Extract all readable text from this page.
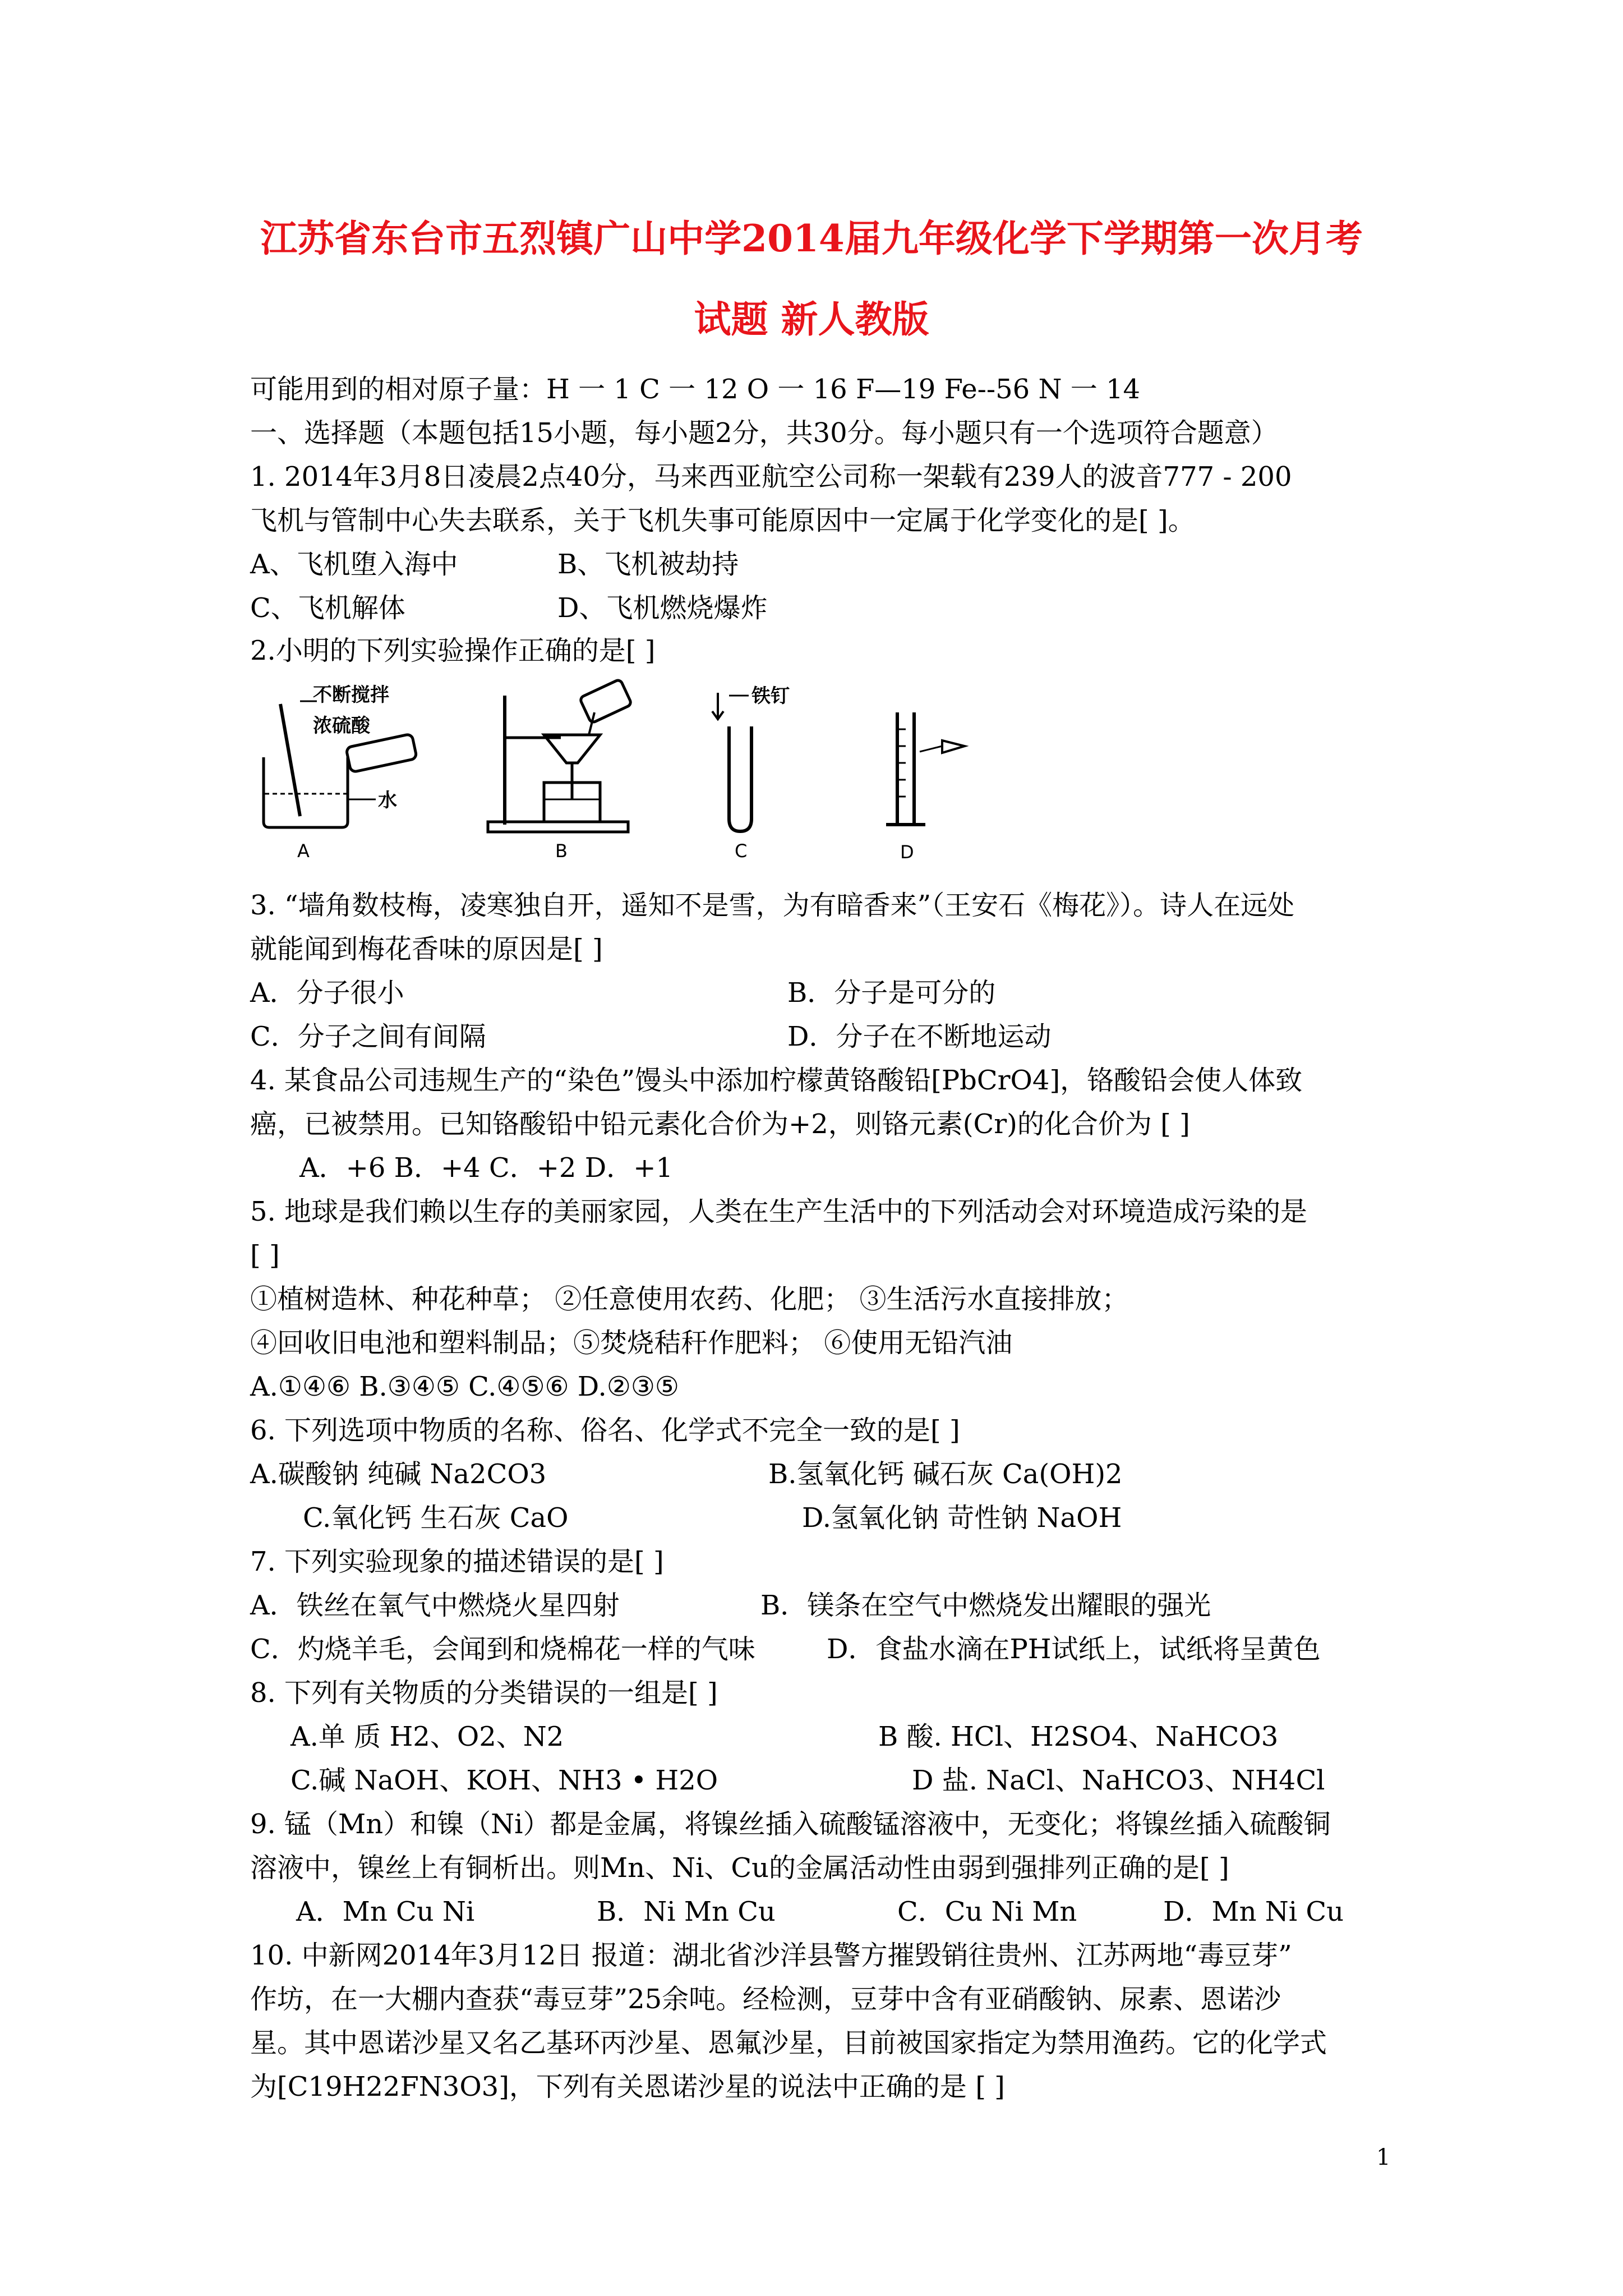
江苏省东台市五烈镇广山中学2014届九年级化学下学期第一次月考
试题 新人教版
可能用到的相对原子量：H 一 1 C 一 12 O 一 16 F—19 Fe--56 N 一 14
一、选择题（本题包括15小题，每小题2分，共30分。每小题只有一个选项符合题意）
1. 2014年3月8日凌晨2点40分，马来西亚航空公司称一架载有239人的波音777 - 200
飞机与管制中心失去联系，关于飞机失事可能原因中一定属于化学变化的是[ ]。
A、飞机堕入海中	B、飞机被劫持
C、飞机解体	D、飞机燃烧爆炸
2.小明的下列实验操作正确的是[ ]
不断搅拌
浓硫酸
水
A	B
铁钉
C	D
3. “墙角数枝梅，凌寒独自开，遥知不是雪，为有暗香来”（王安石《梅花》）。诗人在远处
就能闻到梅花香味的原因是[ ]
A．分子很小	B．分子是可分的
C．分子之间有间隔	D．分子在不断地运动
4. 某食品公司违规生产的“染色”馒头中添加柠檬黄铬酸铅[PbCrO4]，铬酸铅会使人体致
癌，已被禁用。已知铬酸铅中铅元素化合价为+2，则铬元素(Cr)的化合价为 [ ]
A．+6 B．+4 C．+2 D．+1
5. 地球是我们赖以生存的美丽家园，人类在生产生活中的下列活动会对环境造成污染的是
[ ]
①植树造林、种花种草； ②任意使用农药、化肥； ③生活污水直接排放；
④回收旧电池和塑料制品；⑤焚烧秸秆作肥料； ⑥使用无铅汽油
A.①④⑥ B.③④⑤ C.④⑤⑥ D.②③⑤
6. 下列选项中物质的名称、俗名、化学式不完全一致的是[ ]
A.碳酸钠 纯碱 Na2CO3	B.氢氧化钙 碱石灰 Ca(OH)2
C.氧化钙 生石灰 CaO	D.氢氧化钠 苛性钠 NaOH
7. 下列实验现象的描述错误的是[ ]
A．铁丝在氧气中燃烧火星四射	B．镁条在空气中燃烧发出耀眼的强光
C．灼烧羊毛，会闻到和烧棉花一样的气味	D．食盐水滴在PH试纸上，试纸将呈黄色
8. 下列有关物质的分类错误的一组是[ ]
A.单 质 H2、O2、N2	B 酸. HCl、H2SO4、NaHCO3
C.碱 NaOH、KOH、NH3 • H2O	D 盐. NaCl、NaHCO3、NH4Cl
9. 锰（Mn）和镍（Ni）都是金属，将镍丝插入硫酸锰溶液中，无变化；将镍丝插入硫酸铜
溶液中，镍丝上有铜析出。则Mn、Ni、Cu的金属活动性由弱到强排列正确的是[ ]
A．Mn Cu Ni	B．Ni Mn Cu	C．Cu Ni Mn	D．Mn Ni Cu
10. 中新网2014年3月12日 报道：湖北省沙洋县警方摧毁销往贵州、江苏两地“毒豆芽”
作坊，在一大棚内查获“毒豆芽”25余吨。经检测，豆芽中含有亚硝酸钠、尿素、恩诺沙
星。其中恩诺沙星又名乙基环丙沙星、恩氟沙星，目前被国家指定为禁用渔药。它的化学式
为[C19H22FN3O3]，下列有关恩诺沙星的说法中正确的是 [ ]
1
